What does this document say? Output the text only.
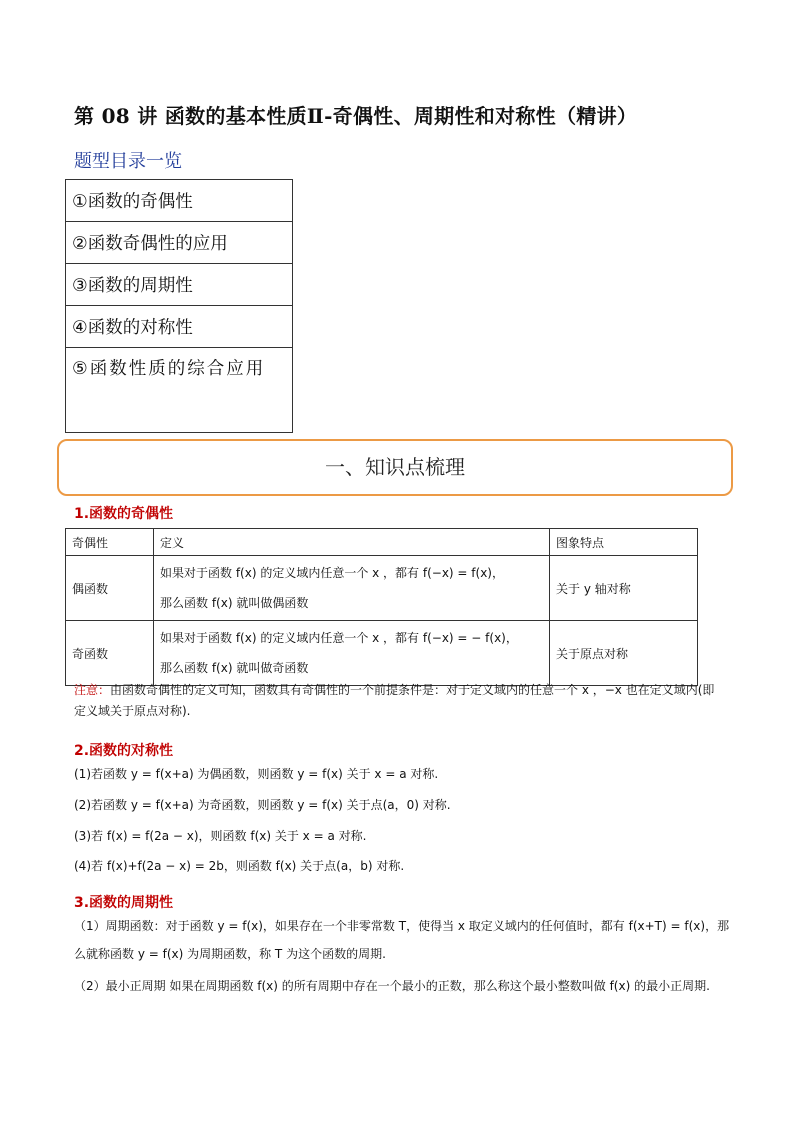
第 08 讲 函数的基本性质Ⅱ-奇偶性、周期性和对称性（精讲）
题型目录一览
①函数的奇偶性
②函数奇偶性的应用
③函数的周期性
④函数的对称性
⑤函数性质的综合应用
一、知识点梳理
1.函数的奇偶性
奇偶性	定义	图象特点
偶函数	如果对于函数 f(x) 的定义域内任意一个 x ，都有 f(−x) = f(x)，
那么函数 f(x) 就叫做偶函数	关于 y 轴对称
奇函数	如果对于函数 f(x) 的定义域内任意一个 x ，都有 f(−x) = − f(x)，
那么函数 f(x) 就叫做奇函数	关于原点对称
注意：由函数奇偶性的定义可知，函数具有奇偶性的一个前提条件是：对于定义域内的任意一个 x ，−x 也在定义域内(即定义域关于原点对称).
2.函数的对称性
(1)若函数 y = f(x+a) 为偶函数，则函数 y = f(x) 关于 x = a 对称.
(2)若函数 y = f(x+a) 为奇函数，则函数 y = f(x) 关于点(a，0) 对称.
(3)若 f(x) = f(2a − x)，则函数 f(x) 关于 x = a 对称.
(4)若 f(x)+f(2a − x) = 2b，则函数 f(x) 关于点(a，b) 对称.
3.函数的周期性
（1）周期函数：对于函数 y = f(x)，如果存在一个非零常数 T，使得当 x 取定义域内的任何值时，都有 f(x+T) = f(x)，那么就称函数 y = f(x) 为周期函数，称 T 为这个函数的周期.
（2）最小正周期 如果在周期函数 f(x) 的所有周期中存在一个最小的正数，那么称这个最小整数叫做 f(x) 的最小正周期.
